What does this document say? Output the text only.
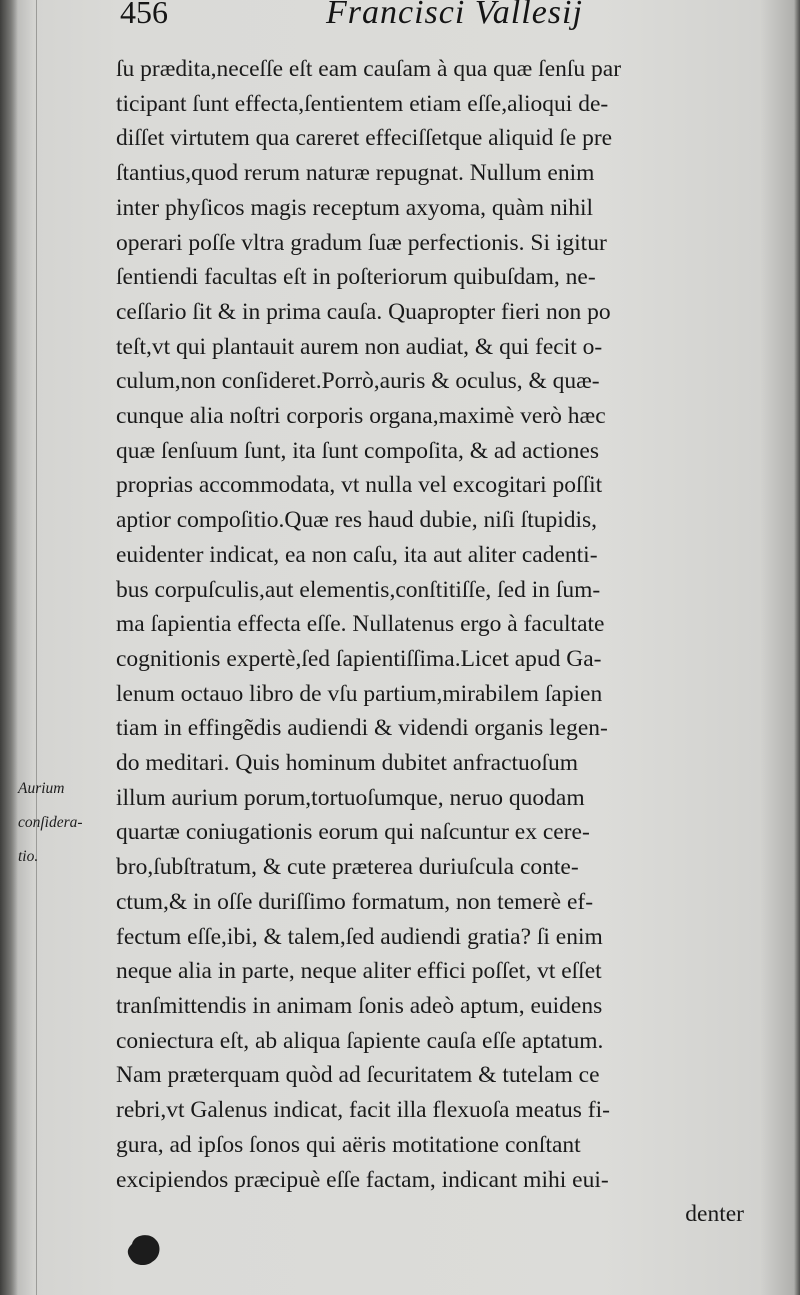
456	Francisci Vallesij
ſu prædita,neceſſe eſt eam cauſam à qua quæ ſenſu par
ticipant ſunt effecta,ſentientem etiam eſſe,alioqui de-
diſſet virtutem qua careret effeciſſetque aliquid ſe pre
ſtantius,quod rerum naturæ repugnat. Nullum enim
inter phyſicos magis receptum axyoma, quàm nihil
operari poſſe vltra gradum ſuæ perfectionis. Si igitur
ſentiendi facultas eſt in poſteriorum quibuſdam, ne-
ceſſario ſit & in prima cauſa. Quapropter fieri non po
teſt,vt qui plantauit aurem non audiat, & qui fecit o-
culum,non conſideret.Porrò,auris & oculus, & quæ-
cunque alia noſtri corporis organa,maximè verò hæc
quæ ſenſuum ſunt, ita ſunt compoſita, & ad actiones
proprias accommodata, vt nulla vel excogitari poſſit
aptior compoſitio.Quæ res haud dubie, niſi ſtupidis,
euidenter indicat, ea non caſu, ita aut aliter cadenti-
bus corpuſculis,aut elementis,conſtitiſſe, ſed in ſum-
ma ſapientia effecta eſſe. Nullatenus ergo à facultate
cognitionis expertè,ſed ſapientiſſima.Licet apud Ga-
lenum octauo libro de vſu partium,mirabilem ſapien
tiam in effingẽdis audiendi & videndi organis legen-
do meditari. Quis hominum dubitet anfractuoſum
illum aurium porum,tortuoſumque, neruo quodam
quartæ coniugationis eorum qui naſcuntur ex cere-
bro,ſubſtratum, & cute præterea duriuſcula conte-
ctum,& in oſſe duriſſimo formatum, non temerè ef-
fectum eſſe,ibi, & talem,ſed audiendi gratia? ſi enim
neque alia in parte, neque aliter effici poſſet, vt eſſet
tranſmittendis in animam ſonis adeò aptum, euidens
coniectura eſt, ab aliqua ſapiente cauſa eſſe aptatum.
Nam præterquam quòd ad ſecuritatem & tutelam ce
rebri,vt Galenus indicat, facit illa flexuoſa meatus fi-
gura, ad ipſos ſonos qui aëris motitatione conſtant
excipiendos præcipuè eſſe factam, indicant mihi eui-
denter
Aurium
conſidera-
tio.
